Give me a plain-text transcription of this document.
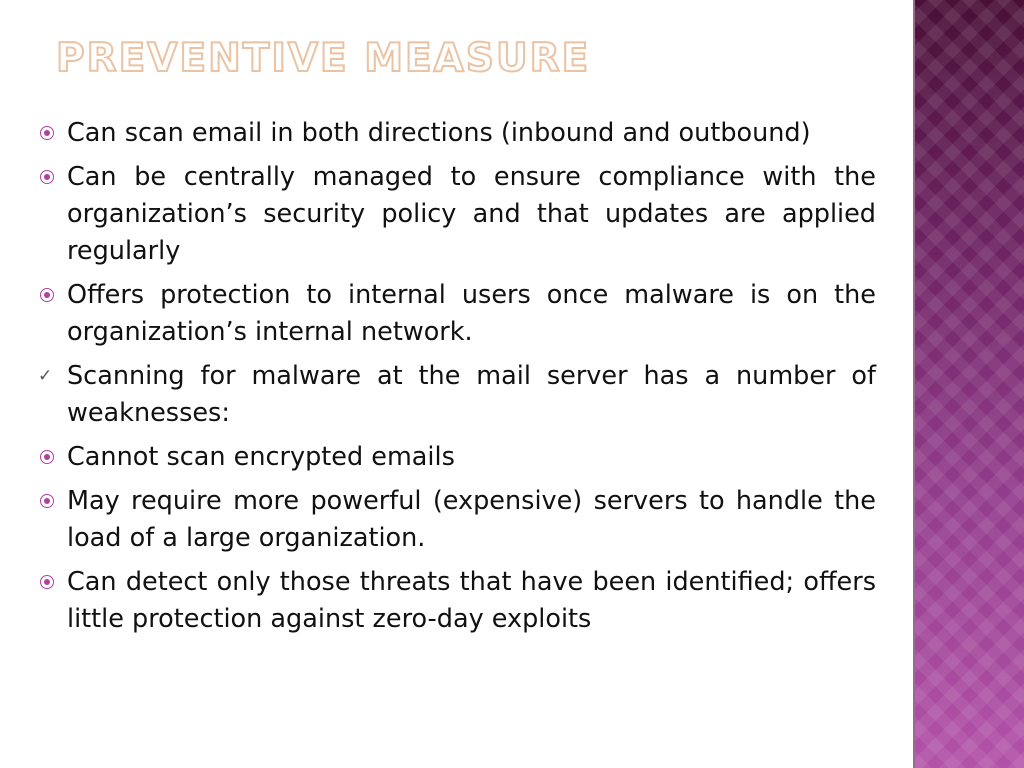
PREVENTIVE MEASURE
Can scan email in both directions (inbound and outbound)
Can be centrally managed to ensure compliance with the organization’s security policy and that updates are applied regularly
Offers protection to internal users once malware is on the organization’s internal network.
✓ Scanning for malware at the mail server has a number of weaknesses:
Cannot scan encrypted emails
May require more powerful (expensive) servers to handle the load of a large organization.
Can detect only those threats that have been identified; offers little protection against zero-day exploits
